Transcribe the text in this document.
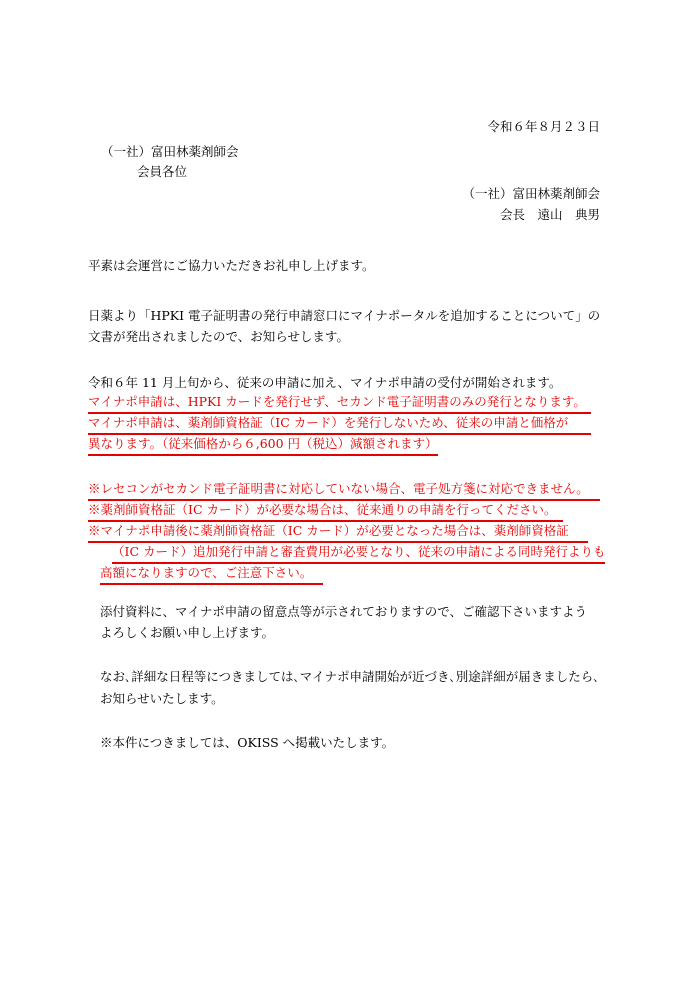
令和６年８月２３日
（一社）富田林薬剤師会
会員各位
（一社）富田林薬剤師会
会長　遠山　典男
平素は会運営にご協力いただきお礼申し上げます。
日薬より「HPKI 電子証明書の発行申請窓口にマイナポータルを追加することについて」の
文書が発出されましたので、お知らせします。
令和６年 11 月上旬から、従来の申請に加え、マイナポ申請の受付が開始されます。
マイナポ申請は、HPKI カードを発行せず、セカンド電子証明書のみの発行となります。
マイナポ申請は、薬剤師資格証（IC カード）を発行しないため、従来の申請と価格が
異なります。（従来価格から６,600 円（税込）減額されます）
※レセコンがセカンド電子証明書に対応していない場合、電子処方箋に対応できません。
※薬剤師資格証（IC カード）が必要な場合は、従来通りの申請を行ってください。
※マイナポ申請後に薬剤師資格証（IC カード）が必要となった場合は、薬剤師資格証
（IC カード）追加発行申請と審査費用が必要となり、従来の申請による同時発行よりも
高額になりますので、ご注意下さい。
添付資料に、マイナポ申請の留意点等が示されておりますので、ご確認下さいますよう
よろしくお願い申し上げます。
なお､詳細な日程等につきましては､マイナポ申請開始が近づき､別途詳細が届きましたら､
お知らせいたします。
※本件につきましては、OKISS へ掲載いたします。
